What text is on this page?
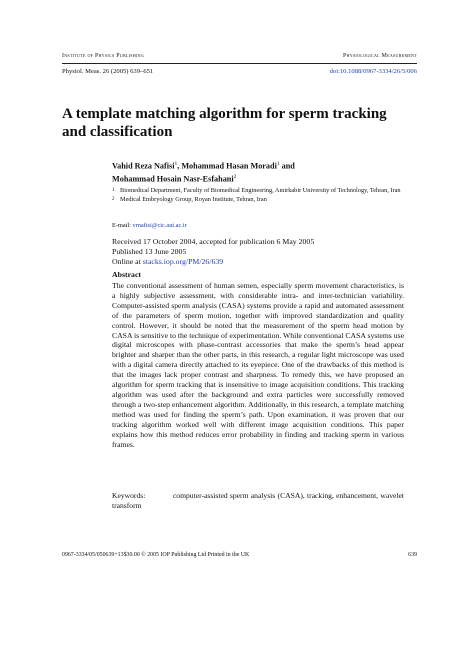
Institute of Physics Publishing	Physiological Measurement
Physiol. Meas. 26 (2005) 639–651	doi:10.1088/0967-3334/26/5/006
A template matching algorithm for sperm tracking and classification
Vahid Reza Nafisi$^1$, Mohammad Hasan Moradi$^1$ and
Mohammad Hosain Nasr-Esfahani$^2$
1 Biomedical Department, Faculty of Biomedical Engineering, Amirkabir University of Technology, Tehran, Iran
2 Medical Embryology Group, Royan Institute, Tehran, Iran
E-mail: vrnafisi@cic.aut.ac.ir
Received 17 October 2004, accepted for publication 6 May 2005
Published 13 June 2005
Online at stacks.iop.org/PM/26/639
Abstract

The conventional assessment of human semen, especially sperm movement characteristics, is a highly subjective assessment, with considerable intra- and inter-technician variability. Computer-assisted sperm analysis (CASA) systems provide a rapid and automated assessment of the parameters of sperm motion, together with improved standardization and quality control. However, it should be noted that the measurement of the sperm head motion by CASA is sensitive to the technique of experimentation. While conventional CASA systems use digital microscopes with phase-contrast accessories that make the sperm’s head appear brighter and sharper than the other parts, in this research, a regular light microscope was used with a digital camera directly attached to its eyepiece. One of the drawbacks of this method is that the images lack proper contrast and sharpness. To remedy this, we have proposed an algorithm for sperm tracking that is insensitive to image acquisition conditions. This tracking algorithm was used after the background and extra particles were successfully removed through a two-step enhancement algorithm. Additionally, in this research, a template matching method was used for finding the sperm’s path. Upon examination, it was proven that our tracking algorithm worked well with different image acquisition conditions. This paper explains how this method reduces error probability in finding and tracking sperm in various frames.

Keywords:	computer-assisted sperm analysis (CASA), tracking, enhancement, wavelet transform

0967-3334/05/050639+13$30.00 © 2005 IOP Publishing Ltd Printed in the UK	639
